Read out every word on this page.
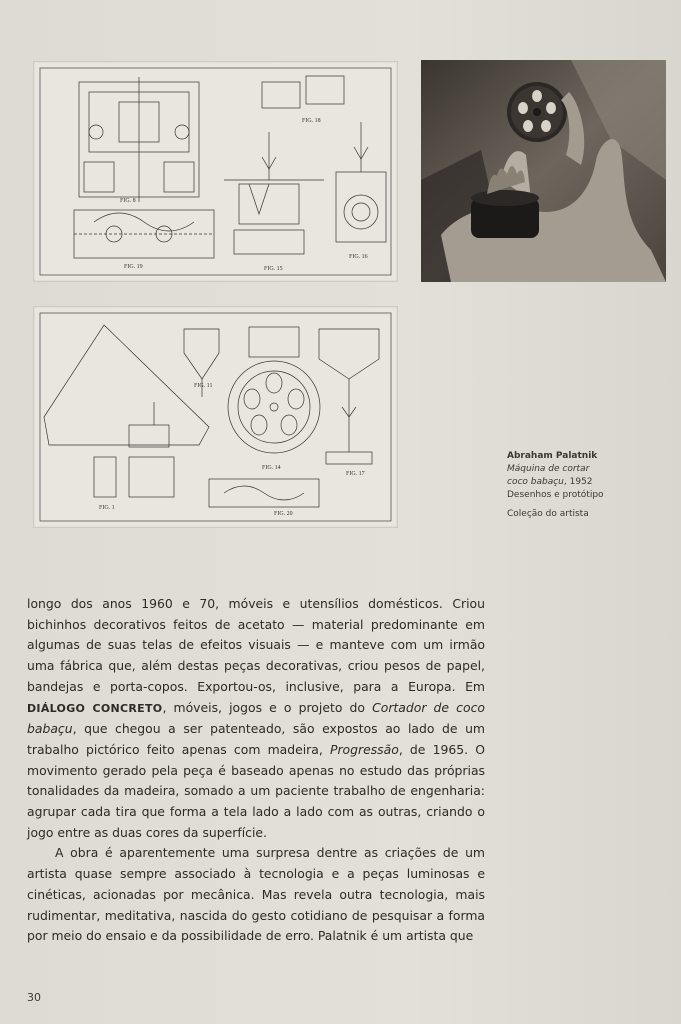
FIG. 19	FIG. 15
FIG. 8
FIG. 18
FIG. 16
FIG. 1
FIG. 11
FIG. 14
FIG. 17
FIG. 20
Abraham Palatnik
Máquina de cortar
coco babaçu, 1952
Desenhos e protótipo
Coleção do artista

longo dos anos 1960 e 70, móveis e utensílios domésticos. Criou bichinhos decorativos feitos de acetato — material predominante em algumas de suas telas de efeitos visuais — e manteve com um irmão uma fábrica que, além destas peças decorativas, criou pesos de papel, bandejas e porta-copos. Exportou-os, inclusive, para a Europa. Em DIÁLOGO CONCRETO, móveis, jogos e o projeto do Cortador de coco babaçu, que chegou a ser patenteado, são expostos ao lado de um trabalho pictórico feito apenas com madeira, Progressão, de 1965. O movimento gerado pela peça é baseado apenas no estudo das próprias tonalidades da madeira, somado a um paciente trabalho de engenharia: agrupar cada tira que forma a tela lado a lado com as outras, criando o jogo entre as duas cores da superfície.

A obra é aparentemente uma surpresa dentre as criações de um artista quase sempre associado à tecnologia e a peças luminosas e cinéticas, acionadas por mecânica. Mas revela outra tecnologia, mais rudimentar, meditativa, nascida do gesto cotidiano de pesquisar a forma por meio do ensaio e da possibilidade de erro. Palatnik é um artista que

30
